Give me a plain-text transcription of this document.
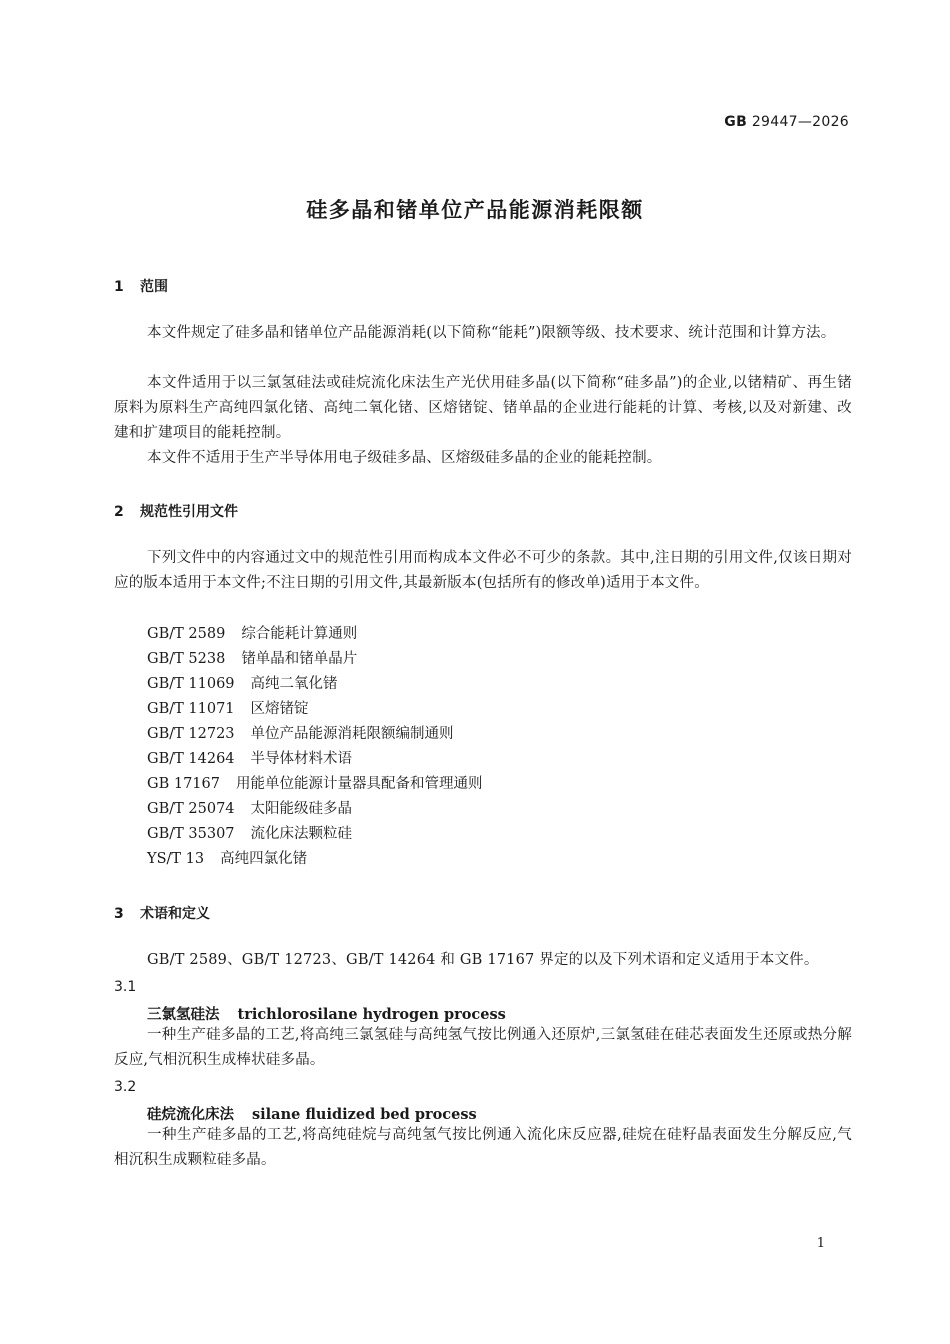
GB 29447—2026
硅多晶和锗单位产品能源消耗限额
1 范围
本文件规定了硅多晶和锗单位产品能源消耗(以下简称“能耗”)限额等级、技术要求、统计范围和计算方法。
本文件适用于以三氯氢硅法或硅烷流化床法生产光伏用硅多晶(以下简称“硅多晶”)的企业,以锗精矿、再生锗原料为原料生产高纯四氯化锗、高纯二氧化锗、区熔锗锭、锗单晶的企业进行能耗的计算、考核,以及对新建、改建和扩建项目的能耗控制。
本文件不适用于生产半导体用电子级硅多晶、区熔级硅多晶的企业的能耗控制。
2 规范性引用文件
下列文件中的内容通过文中的规范性引用而构成本文件必不可少的条款。其中,注日期的引用文件,仅该日期对应的版本适用于本文件;不注日期的引用文件,其最新版本(包括所有的修改单)适用于本文件。
GB/T 2589 综合能耗计算通则
GB/T 5238 锗单晶和锗单晶片
GB/T 11069 高纯二氧化锗
GB/T 11071 区熔锗锭
GB/T 12723 单位产品能源消耗限额编制通则
GB/T 14264 半导体材料术语
GB 17167 用能单位能源计量器具配备和管理通则
GB/T 25074 太阳能级硅多晶
GB/T 35307 流化床法颗粒硅
YS/T 13 高纯四氯化锗
3 术语和定义
GB/T 2589、GB/T 12723、GB/T 14264 和 GB 17167 界定的以及下列术语和定义适用于本文件。
3.1
三氯氢硅法 trichlorosilane hydrogen process
一种生产硅多晶的工艺,将高纯三氯氢硅与高纯氢气按比例通入还原炉,三氯氢硅在硅芯表面发生还原或热分解反应,气相沉积生成棒状硅多晶。
3.2
硅烷流化床法 silane fluidized bed process
一种生产硅多晶的工艺,将高纯硅烷与高纯氢气按比例通入流化床反应器,硅烷在硅籽晶表面发生分解反应,气相沉积生成颗粒硅多晶。
1
